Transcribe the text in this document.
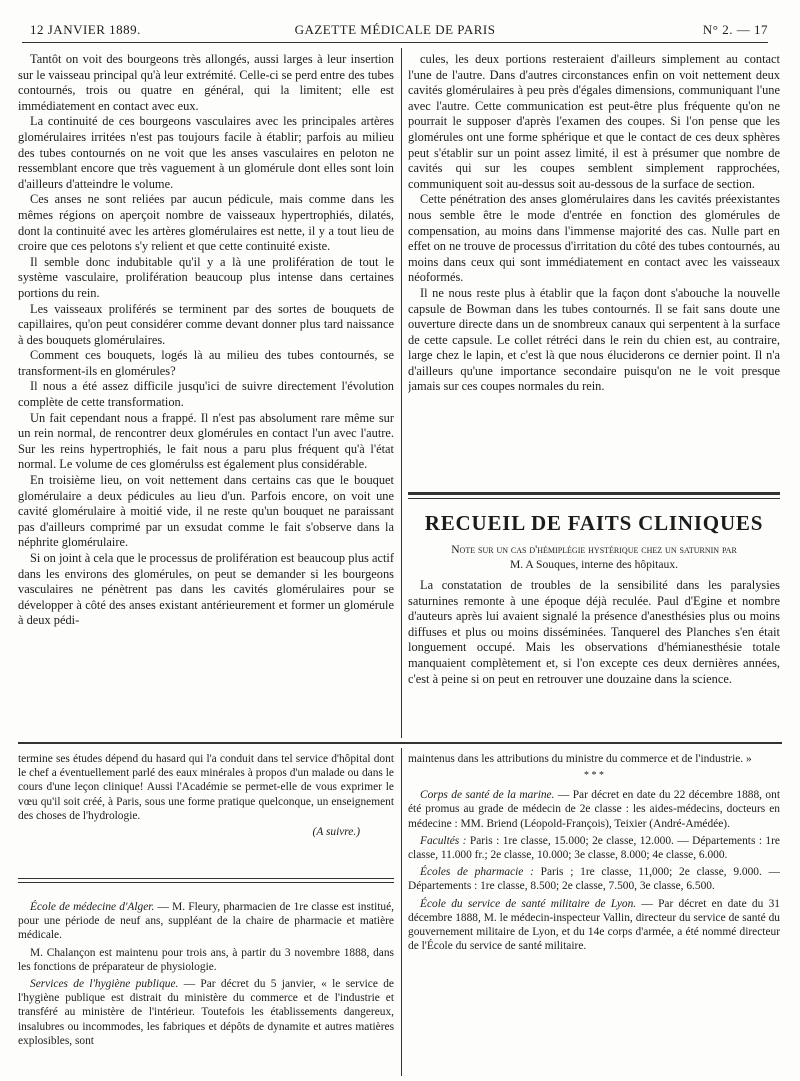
12 JANVIER 1889.	GAZETTE MÉDICALE DE PARIS	N° 2. — 17

Tantôt on voit des bourgeons très allongés, aussi larges à leur insertion sur le vaisseau principal qu'à leur extrémité. Celle-ci se perd entre des tubes contournés, trois ou quatre en général, qui la limitent; elle est immédiatement en contact avec eux.

La continuité de ces bourgeons vasculaires avec les principales artères glomérulaires irritées n'est pas toujours facile à établir; parfois au milieu des tubes contournés on ne voit que les anses vasculaires en peloton ne ressemblant encore que très vaguement à un glomérule dont elles sont loin d'ailleurs d'atteindre le volume.

Ces anses ne sont reliées par aucun pédicule, mais comme dans les mêmes régions on aperçoit nombre de vaisseaux hypertrophiés, dilatés, dont la continuité avec les artères glomérulaires est nette, il y a tout lieu de croire que ces pelotons s'y relient et que cette continuité existe.

Il semble donc indubitable qu'il y a là une prolifération de tout le système vasculaire, prolifération beaucoup plus intense dans certaines portions du rein.

Les vaisseaux proliférés se terminent par des sortes de bouquets de capillaires, qu'on peut considérer comme devant donner plus tard naissance à des bouquets glomérulaires.

Comment ces bouquets, logés là au milieu des tubes contournés, se transforment-ils en glomérules?

Il nous a été assez difficile jusqu'ici de suivre directement l'évolution complète de cette transformation.

Un fait cependant nous a frappé. Il n'est pas absolument rare même sur un rein normal, de rencontrer deux glomérules en contact l'un avec l'autre. Sur les reins hypertrophiés, le fait nous a paru plus fréquent qu'à l'état normal. Le volume de ces glomérulss est également plus considérable.

En troisième lieu, on voit nettement dans certains cas que le bouquet glomérulaire a deux pédicules au lieu d'un. Parfois encore, on voit une cavité glomérulaire à moitié vide, il ne reste qu'un bouquet ne paraissant pas d'ailleurs comprimé par un exsudat comme le fait s'observe dans la néphrite glomérulaire.

Si on joint à cela que le processus de prolifération est beaucoup plus actif dans les environs des glomérules, on peut se demander si les bourgeons vasculaires ne pénètrent pas dans les cavités glomérulaires pour se développer à côté des anses existant antérieurement et former un glomérule à deux pédi-

cules, les deux portions resteraient d'ailleurs simplement au contact l'une de l'autre. Dans d'autres circonstances enfin on voit nettement deux cavités glomérulaires à peu près d'égales dimensions, communiquant l'une avec l'autre. Cette communication est peut-être plus fréquente qu'on ne pourrait le supposer d'après l'examen des coupes. Si l'on pense que les glomérules ont une forme sphérique et que le contact de ces deux sphères peut s'établir sur un point assez limité, il est à présumer que nombre de cavités qui sur les coupes semblent simplement rapprochées, communiquent soit au-dessus soit au-dessous de la surface de section.

Cette pénétration des anses glomérulaires dans les cavités préexistantes nous semble être le mode d'entrée en fonction des glomérules de compensation, au moins dans l'immense majorité des cas. Nulle part en effet on ne trouve de processus d'irritation du côté des tubes contournés, au moins dans ceux qui sont immédiatement en contact avec les vaisseaux néoformés.

Il ne nous reste plus à établir que la façon dont s'abouche la nouvelle capsule de Bowman dans les tubes contournés. Il se fait sans doute une ouverture directe dans un de snombreux canaux qui serpentent à la surface de cette capsule. Le collet rétréci dans le rein du chien est, au contraire, large chez le lapin, et c'est là que nous éluciderons ce dernier point. Il n'a d'ailleurs qu'une importance secondaire puisqu'on ne le voit presque jamais sur ces coupes normales du rein.

RECUEIL DE FAITS CLINIQUES
Note sur un cas d'hémiplégie hystérique chez un saturnin par
M. A Souques, interne des hôpitaux.

La constatation de troubles de la sensibilité dans les paralysies saturnines remonte à une époque déjà reculée. Paul d'Egine et nombre d'auteurs après lui avaient signalé la présence d'anesthésies plus ou moins diffuses et plus ou moins disséminées. Tanquerel des Planches s'en était longuement occupé. Mais les observations d'hémianesthésie totale manquaient complètement et, si l'on excepte ces deux dernières années, c'est à peine si on peut en retrouver une douzaine dans la science.

termine ses études dépend du hasard qui l'a conduit dans tel service d'hôpital dont le chef a éventuellement parlé des eaux minérales à propos d'un malade ou dans le cours d'une leçon clinique! Aussi l'Académie se permet-elle de vous exprimer le vœu qu'il soit créé, à Paris, sous une forme pratique quelconque, un enseignement des choses de l'hydrologie.

(A suivre.)

École de médecine d'Alger. — M. Fleury, pharmacien de 1re classe est institué, pour une période de neuf ans, suppléant de la chaire de pharmacie et matière médicale.

M. Chalançon est maintenu pour trois ans, à partir du 3 novembre 1888, dans les fonctions de préparateur de physiologie.

Services de l'hygiène publique. — Par décret du 5 janvier, « le service de l'hygiène publique est distrait du ministère du commerce et de l'industrie et transféré au ministère de l'intérieur. Toutefois les établissements dangereux, insalubres ou incommodes, les fabriques et dépôts de dynamite et autres matières explosibles, sont

maintenus dans les attributions du ministre du commerce et de l'industrie. »

* * *

Corps de santé de la marine. — Par décret en date du 22 décembre 1888, ont été promus au grade de médecin de 2e classe : les aides-médecins, docteurs en médecine : MM. Briend (Léopold-François), Teixier (André-Amédée).

Facultés : Paris : 1re classe, 15.000; 2e classe, 12.000. — Départements : 1re classe, 11.000 fr.; 2e classe, 10.000; 3e classe, 8.000; 4e classe, 6.000.

Écoles de pharmacie : Paris ; 1re classe, 11,000; 2e classe, 9.000. — Départements : 1re classe, 8.500; 2e classe, 7.500, 3e classe, 6.500.

École du service de santé militaire de Lyon. — Par décret en date du 31 décembre 1888, M. le médecin-inspecteur Vallin, directeur du service de santé du gouvernement militaire de Lyon, et du 14e corps d'armée, a été nommé directeur de l'École du service de santé militaire.
